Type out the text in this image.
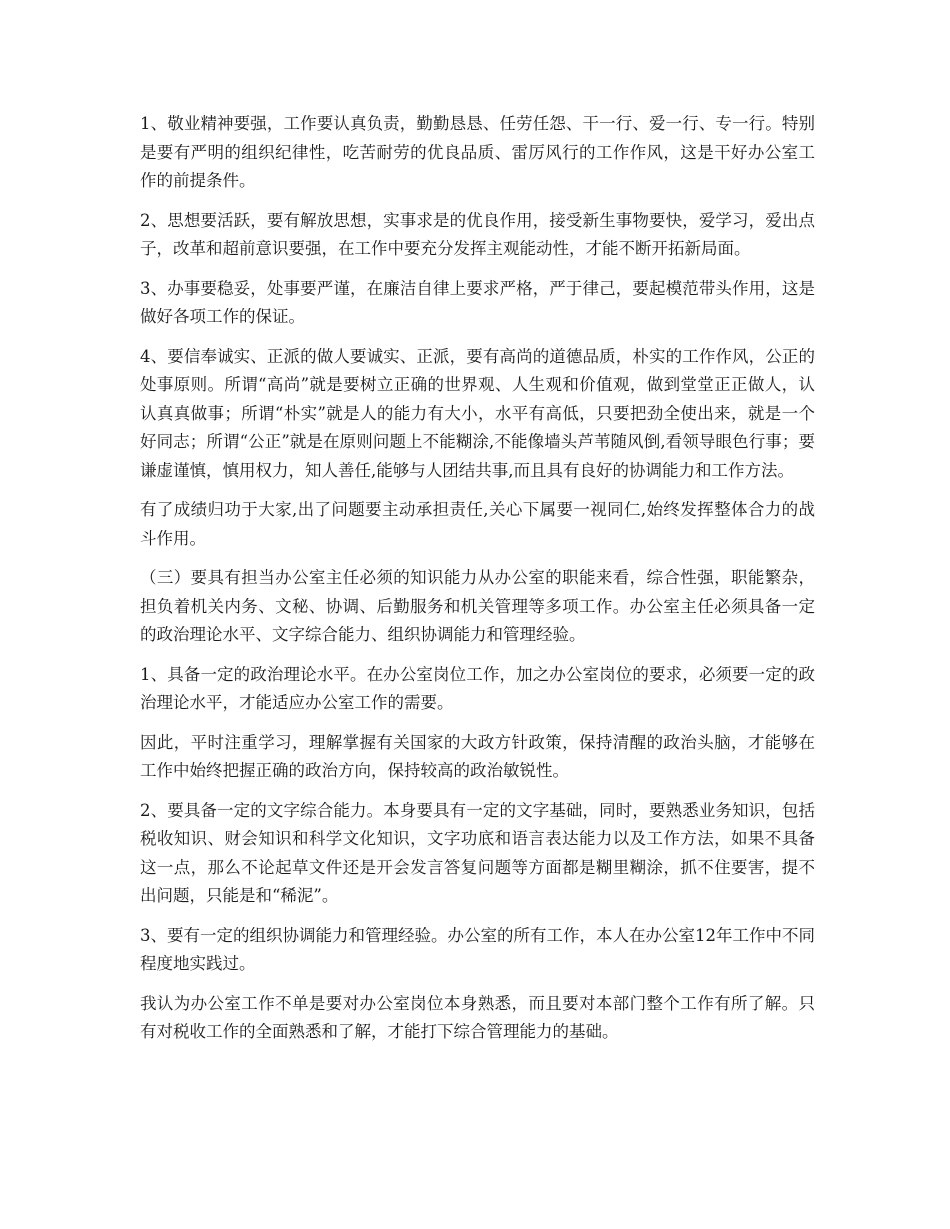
1、敬业精神要强，工作要认真负责，勤勤恳恳、任劳任怨、干一行、爱一行、专一行。特别是要有严明的组织纪律性，吃苦耐劳的优良品质、雷厉风行的工作作风，这是干好办公室工作的前提条件。

2、思想要活跃，要有解放思想，实事求是的优良作用，接受新生事物要快，爱学习，爱出点子，改革和超前意识要强，在工作中要充分发挥主观能动性，才能不断开拓新局面。

3、办事要稳妥，处事要严谨，在廉洁自律上要求严格，严于律己，要起模范带头作用，这是做好各项工作的保证。

4、要信奉诚实、正派的做人要诚实、正派，要有高尚的道德品质，朴实的工作作风，公正的处事原则。所谓“高尚”就是要树立正确的世界观、人生观和价值观，做到堂堂正正做人，认认真真做事；所谓“朴实”就是人的能力有大小，水平有高低，只要把劲全使出来，就是一个好同志；所谓“公正”就是在原则问题上不能糊涂,不能像墙头芦苇随风倒,看领导眼色行事；要谦虚谨慎，慎用权力，知人善任,能够与人团结共事,而且具有良好的协调能力和工作方法。

有了成绩归功于大家,出了问题要主动承担责任,关心下属要一视同仁,始终发挥整体合力的战斗作用。

（三）要具有担当办公室主任必须的知识能力从办公室的职能来看，综合性强，职能繁杂，担负着机关内务、文秘、协调、后勤服务和机关管理等多项工作。办公室主任必须具备一定的政治理论水平、文字综合能力、组织协调能力和管理经验。

1、具备一定的政治理论水平。在办公室岗位工作，加之办公室岗位的要求，必须要一定的政治理论水平，才能适应办公室工作的需要。

因此，平时注重学习，理解掌握有关国家的大政方针政策，保持清醒的政治头脑，才能够在工作中始终把握正确的政治方向，保持较高的政治敏锐性。

2、要具备一定的文字综合能力。本身要具有一定的文字基础，同时，要熟悉业务知识，包括税收知识、财会知识和科学文化知识，文字功底和语言表达能力以及工作方法，如果不具备这一点，那么不论起草文件还是开会发言答复问题等方面都是糊里糊涂，抓不住要害，提不出问题，只能是和“稀泥”。

3、要有一定的组织协调能力和管理经验。办公室的所有工作，本人在办公室12年工作中不同程度地实践过。

我认为办公室工作不单是要对办公室岗位本身熟悉，而且要对本部门整个工作有所了解。只有对税收工作的全面熟悉和了解，才能打下综合管理能力的基础。
